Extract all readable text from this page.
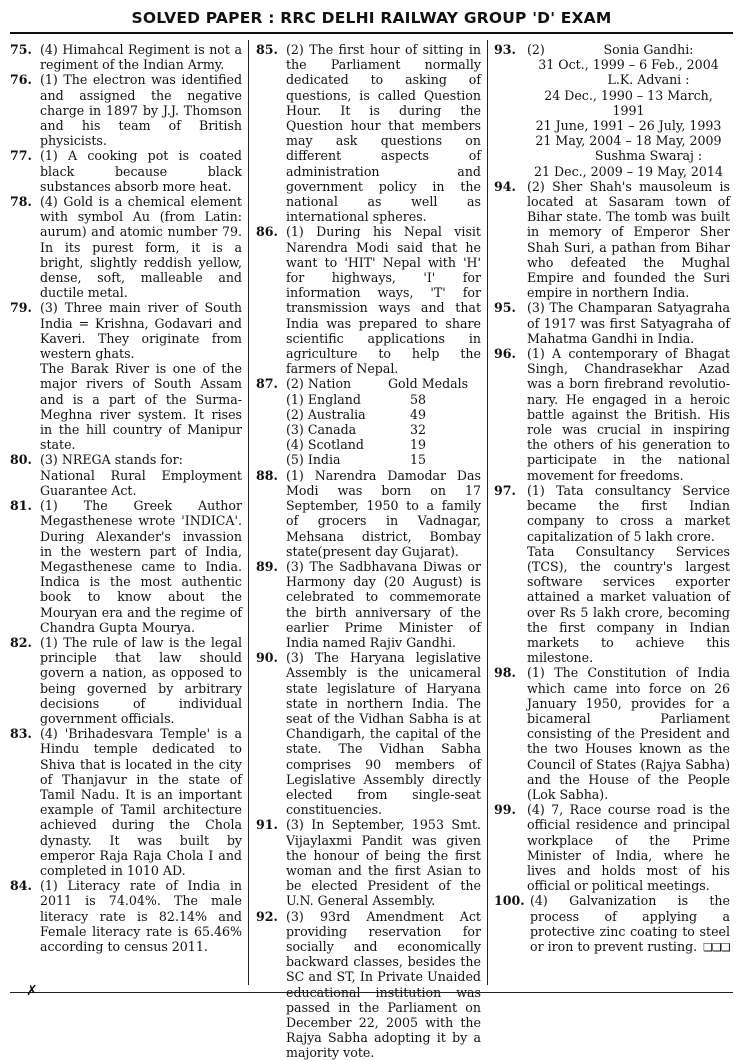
SOLVED PAPER : RRC DELHI RAILWAY GROUP 'D' EXAM
75. (4) Himahcal Regiment is not a regiment of the Indian Army.

76. (1) The electron was identified and assigned the negative charge in 1897 by J.J. Thomson and his team of British physicists.

77. (1) A cooking pot is coated black because black substances absorb more heat.

78. (4) Gold is a chemical element with symbol Au (from Latin: aurum) and atomic number 79. In its purest form, it is a bright, slightly reddish yellow, dense, soft, malleable and ductile metal.

79. (3) Three main river of South India = Krishna, Godavari and Kaveri. They originate from western ghats.

The Barak River is one of the major rivers of South Assam and is a part of the Surma-Meghna river system. It rises in the hill country of Manipur state.

80. (3) NREGA stands for:

National Rural Employment Guarantee Act.

81. (1) The Greek Author Megasthenese wrote 'INDICA'. During Alexander's invassion in the western part of India, Megasthenese came to India. Indica is the most authentic book to know about the Mouryan era and the regime of Chandra Gupta Mourya.

82. (1) The rule of law is the legal principle that law should govern a nation, as opposed to being governed by arbitrary decisions of individual government officials.

83. (4) 'Brihadesvara Temple' is a Hindu temple dedicated to Shiva that is located in the city of Thanjavur in the state of Tamil Nadu. It is an important example of Tamil architecture achieved during the Chola dynasty. It was built by emperor Raja Raja Chola I and completed in 1010 AD.

84. (1) Literacy rate of India in 2011 is 74.04%. The male literacy rate is 82.14% and Female literacy rate is 65.46% according to census 2011.

85. (2) The first hour of sitting in the Parliament normally dedicated to asking of questions, is called Question Hour. It is during the Question hour that members may ask questions on different aspects of administration and government policy in the national as well as international spheres.

86. (1) During his Nepal visit Narendra Modi said that he want to 'HIT' Nepal with 'H' for highways, 'I' for information ways, 'T' for transmission ways and that India was prepared to share scientific applications in agriculture to help the farmers of Nepal.

87. (2) Nation	Gold Medals
(1) England	58
(2) Australia	49
(3) Canada	32
(4) Scotland	19
(5) India	15
88. (1) Narendra Damodar Das Modi was born on 17 September, 1950 to a family of grocers in Vadnagar, Mehsana district, Bombay state(present day Gujarat).

89. (3) The Sadbhavana Diwas or Harmony day (20 August) is celebrated to commemorate the birth anniversary of the earlier Prime Minister of India named Rajiv Gandhi.

90. (3) The Haryana legislative Assembly is the unicameral state legislature of Haryana state in northern India. The seat of the Vidhan Sabha is at Chandigarh, the capital of the state. The Vidhan Sabha comprises 90 members of Legislative Assembly directly elected from single-seat constituencies.

91. (3) In September, 1953 Smt. Vijaylaxmi Pandit was given the honour of being the first woman and the first Asian to be elected President of the U.N. General Assembly.

92. (3) 93rd Amendment Act providing reservation for socially and economically backward classes, besides the SC and ST, In Private Unaided educational institution was passed in the Parliament on December 22, 2005 with the Rajya Sabha adopting it by a majority vote.

93. (2)	Sonia Gandhi:
31 Oct., 1999 – 6 Feb., 2004
L.K. Advani :
24 Dec., 1990 – 13 March, 1991
21 June, 1991 – 26 July, 1993
21 May, 2004 – 18 May, 2009
Sushma Swaraj :
21 Dec., 2009 – 19 May, 2014
94. (2) Sher Shah's mausoleum is located at Sasaram town of Bihar state. The tomb was built in memory of Emperor Sher Shah Suri, a pathan from Bihar who defeated the Mughal Empire and founded the Suri empire in northern India.

95. (3) The Champaran Satyagraha of 1917 was first Satyagraha of Mahatma Gandhi in India.

96. (1) A contemporary of Bhagat Singh, Chandrasekhar Azad was a born firebrand revolutio-nary. He engaged in a heroic battle against the British. His role was crucial in inspiring the others of his generation to participate in the national movement for freedoms.

97. (1) Tata consultancy Service became the first Indian company to cross a market capitalization of 5 lakh crore.

Tata Consultancy Services (TCS), the country's largest software services exporter attained a market valuation of over Rs 5 lakh crore, becoming the first company in Indian markets to achieve this milestone.

98. (1) The Constitution of India which came into force on 26 January 1950, provides for a bicameral Parliament consisting of the President and the two Houses known as the Council of States (Rajya Sabha) and the House of the People (Lok Sabha).

99. (4) 7, Race course road is the official residence and principal workplace of the Prime Minister of India, where he lives and holds most of his official or political meetings.

100. (4) Galvanization is the process of applying a protective zinc coating to steel or iron to prevent rusting. ❑❑❑

✗
